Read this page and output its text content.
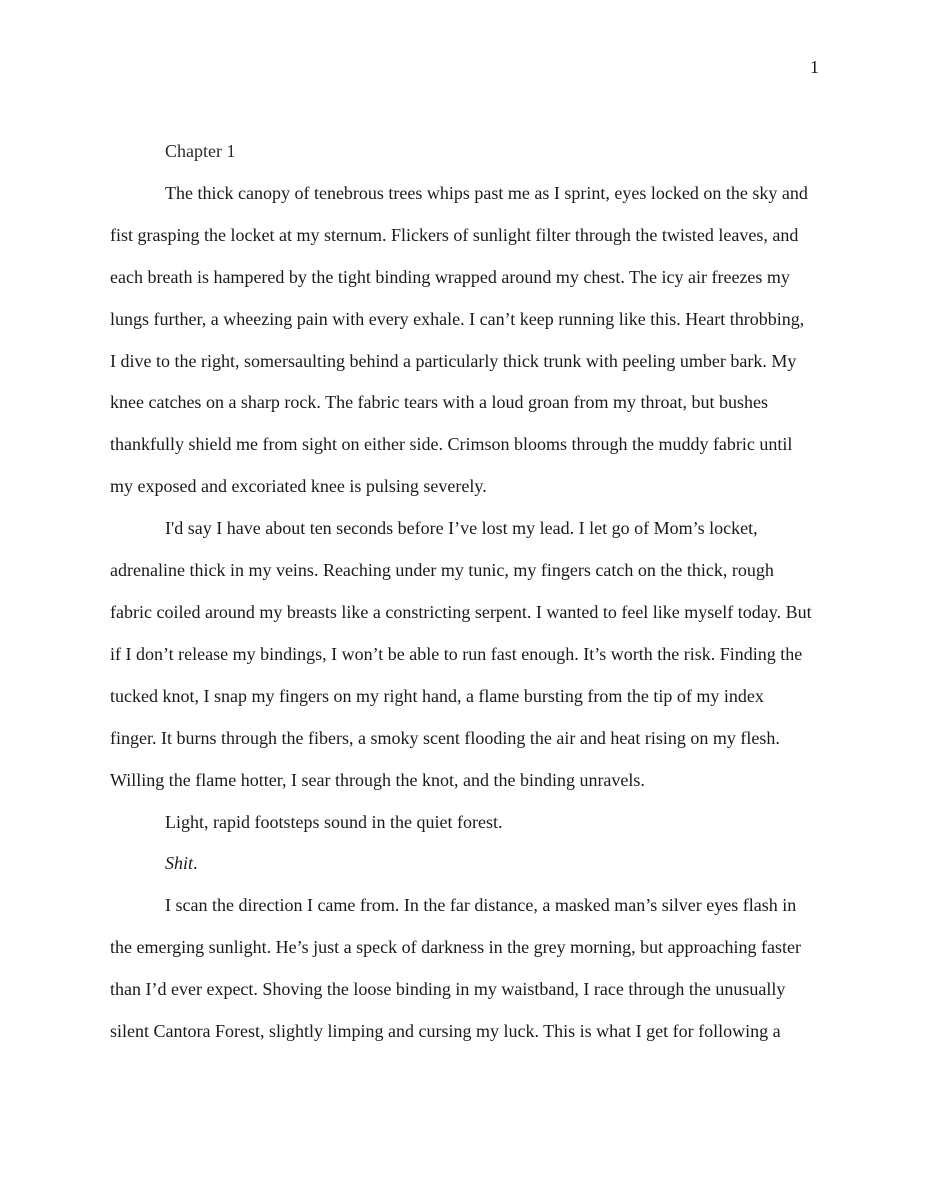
1
Chapter 1
The thick canopy of tenebrous trees whips past me as I sprint, eyes locked on the sky and
fist grasping the locket at my sternum. Flickers of sunlight filter through the twisted leaves, and
each breath is hampered by the tight binding wrapped around my chest. The icy air freezes my
lungs further, a wheezing pain with every exhale. I can’t keep running like this. Heart throbbing,
I dive to the right, somersaulting behind a particularly thick trunk with peeling umber bark. My
knee catches on a sharp rock. The fabric tears with a loud groan from my throat, but bushes
thankfully shield me from sight on either side. Crimson blooms through the muddy fabric until
my exposed and excoriated knee is pulsing severely.
I'd say I have about ten seconds before I’ve lost my lead. I let go of Mom’s locket,
adrenaline thick in my veins. Reaching under my tunic, my fingers catch on the thick, rough
fabric coiled around my breasts like a constricting serpent. I wanted to feel like myself today. But
if I don’t release my bindings, I won’t be able to run fast enough. It’s worth the risk. Finding the
tucked knot, I snap my fingers on my right hand, a flame bursting from the tip of my index
finger. It burns through the fibers, a smoky scent flooding the air and heat rising on my flesh.
Willing the flame hotter, I sear through the knot, and the binding unravels.
Light, rapid footsteps sound in the quiet forest.
Shit.
I scan the direction I came from. In the far distance, a masked man’s silver eyes flash in
the emerging sunlight. He’s just a speck of darkness in the grey morning, but approaching faster
than I’d ever expect. Shoving the loose binding in my waistband, I race through the unusually
silent Cantora Forest, slightly limping and cursing my luck. This is what I get for following a
